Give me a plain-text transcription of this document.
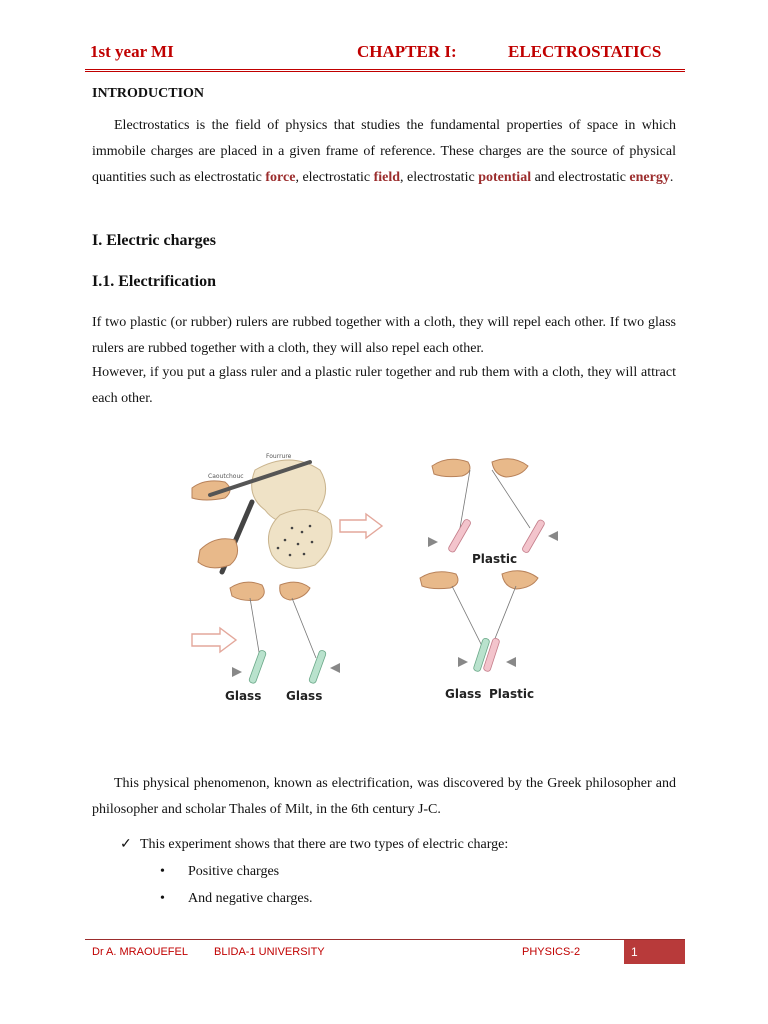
1st year MI	CHAPTER I:	ELECTROSTATICS
INTRODUCTION
Electrostatics is the field of physics that studies the fundamental properties of space in which immobile charges are placed in a given frame of reference. These charges are the source of physical quantities such as electrostatic force, electrostatic field, electrostatic potential and electrostatic energy.
I. Electric charges
I.1. Electrification
If two plastic (or rubber) rulers are rubbed together with a cloth, they will repel each other. If two glass rulers are rubbed together with a cloth, they will also repel each other.
However, if you put a glass ruler and a plastic ruler together and rub them with a cloth, they will attract each other.
Fourrure
Caoutchouc
Plastic
Glass Glass	Glass Plastic
This physical phenomenon, known as electrification, was discovered by the Greek philosopher and philosopher and scholar Thales of Milt, in the 6th century J-C.
✓ This experiment shows that there are two types of electric charge:
• Positive charges
• And negative charges.
Dr A. MRAOUEFEL BLIDA-1 UNIVERSITY	PHYSICS-2	1
